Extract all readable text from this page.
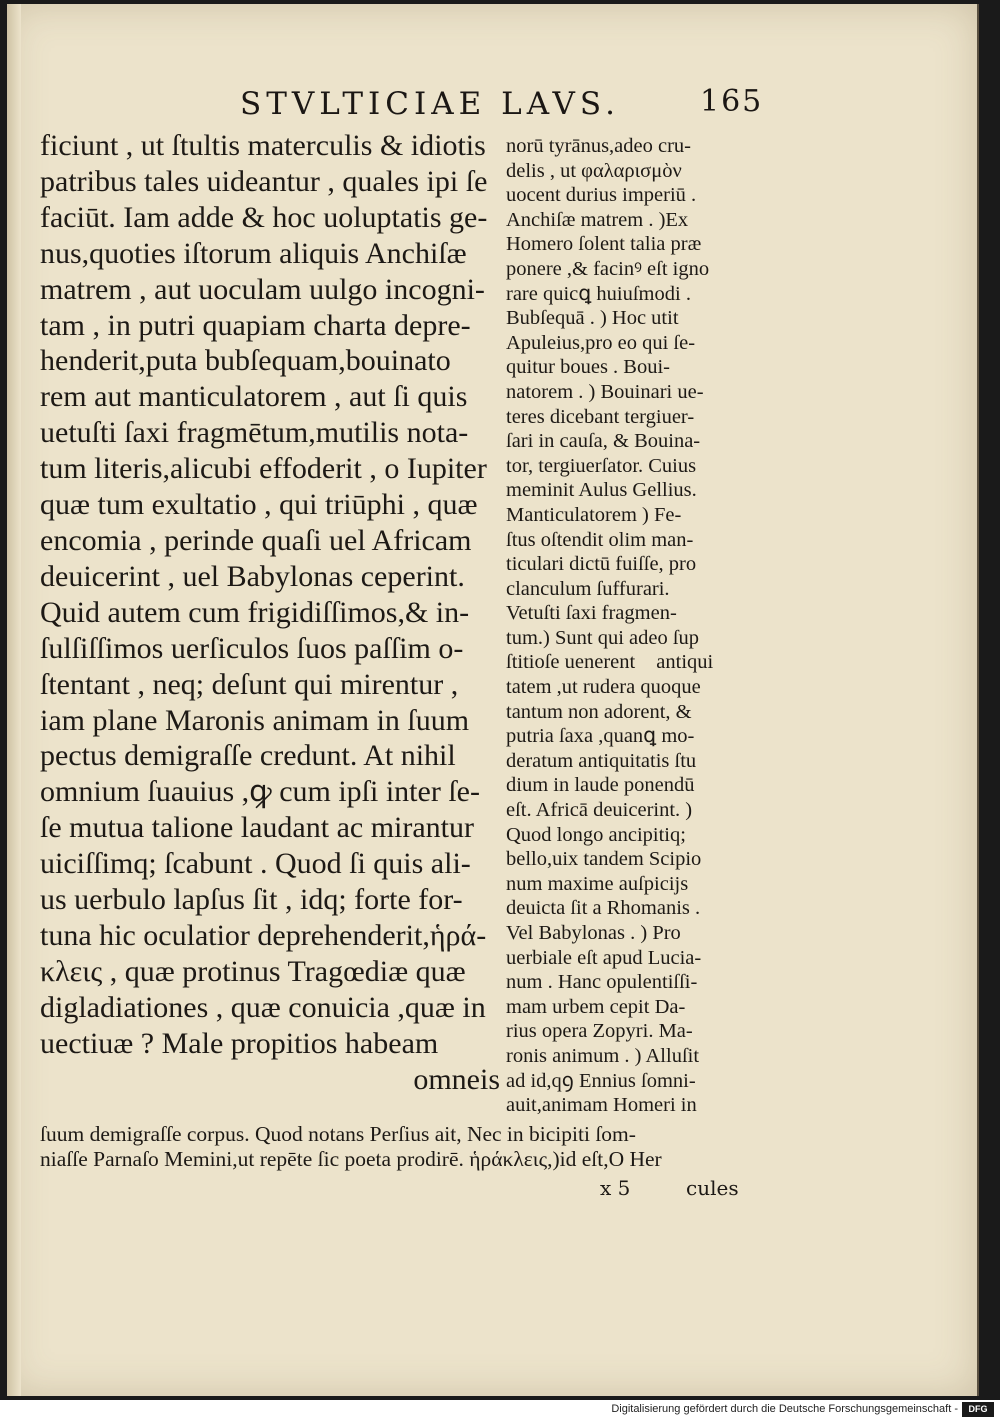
STVLTICIAE LAVS.	165
ficiunt , ut ſtultis materculis & idiotis
patribus tales uideantur , quales ipi ſe
faciūt. Iam adde & hoc uoluptatis ge-
nus,quoties iſtorum aliquis Anchiſæ
matrem , aut uoculam uulgo incogni-
tam , in putri quapiam charta depre-
henderit,puta bubſequam,bouinato
rem aut manticulatorem , aut ſi quis
uetuſti ſaxi fragmētum,mutilis nota-
tum literis,alicubi effoderit , o Iupiter
quæ tum exultatio , qui triūphi , quæ
encomia , perinde quaſi uel Africam
deuicerint , uel Babylonas ceperint.
Quid autem cum frigidiſſimos,& in-
ſulſiſſimos uerſiculos ſuos paſſim o-
ſtentant , neq; deſunt qui mirentur ,
iam plane Maronis animam in ſuum
pectus demigraſſe credunt. At nihil
omnium ſuauius ,ꝙ cum ipſi inter ſe-
ſe mutua talione laudant ac mirantur
uiciſſimq; ſcabunt . Quod ſi quis ali-
us uerbulo lapſus ſit , idq; forte for-
tuna hic oculatior deprehenderit,ἡρά-
κλεις , quæ protinus Tragœdiæ quæ
digladiationes , quæ conuicia ,quæ in
uectiuæ ? Male propitios habeam
omneis
norū tyrānus,adeo cru-
delis , ut φαλαρισμὸν
uocent durius imperiū .
Anchiſæ matrem . )Ex
Homero ſolent talia præ
ponere ,& facinꝰ eſt igno
rare quicꝗ huiuſmodi .
Bubſequā . ) Hoc utitᷣ
Apuleius,pro eo qui ſe-
quitur boues . Boui-
natorem . ) Bouinari ue-
teres dicebant tergiuer-
ſari in cauſa, & Bouina-
tor, tergiuerſator. Cuius
meminit Aulus Gellius.
Manticulatorem ) Fe-
ſtus oſtendit olim man-
ticulari dictū fuiſſe, pro
clanculum ſuffurari.
Vetuſti ſaxi fragmen-
tum.) Sunt qui adeo ſup
ſtitioſe uenerentᷣ antiqui
tatem ,ut rudera quoque
tantum non adorent, &
putria ſaxa ,quanꝗ mo-
deratum antiquitatis ſtu
dium in laude ponendū
eſt. Africā deuicerint. )
Quod longo ancipitiq;
bello,uix tandem Scipio
num maxime auſpicijs
deuicta ſit a Rhomanis .
Vel Babylonas . ) Pro
uerbiale eſt apud Lucia-
num . Hanc opulentiſſi-
mam urbem cepit Da-
rius opera Zopyri. Ma-
ronis animum . ) Alluſit
ad id,qꝯ Ennius ſomni-
auit,animam Homeri in
ſuum demigraſſe corpus. Quod notans Perſius ait, Nec in bicipiti ſom-
niaſſe Parnaſo Memini,ut repēte ſic poeta prodirē. ἡράκλεις,)id eſt,O Her
x 5	cules
Digitalisierung gefördert durch die Deutsche Forschungsgemeinschaft -	DFG
